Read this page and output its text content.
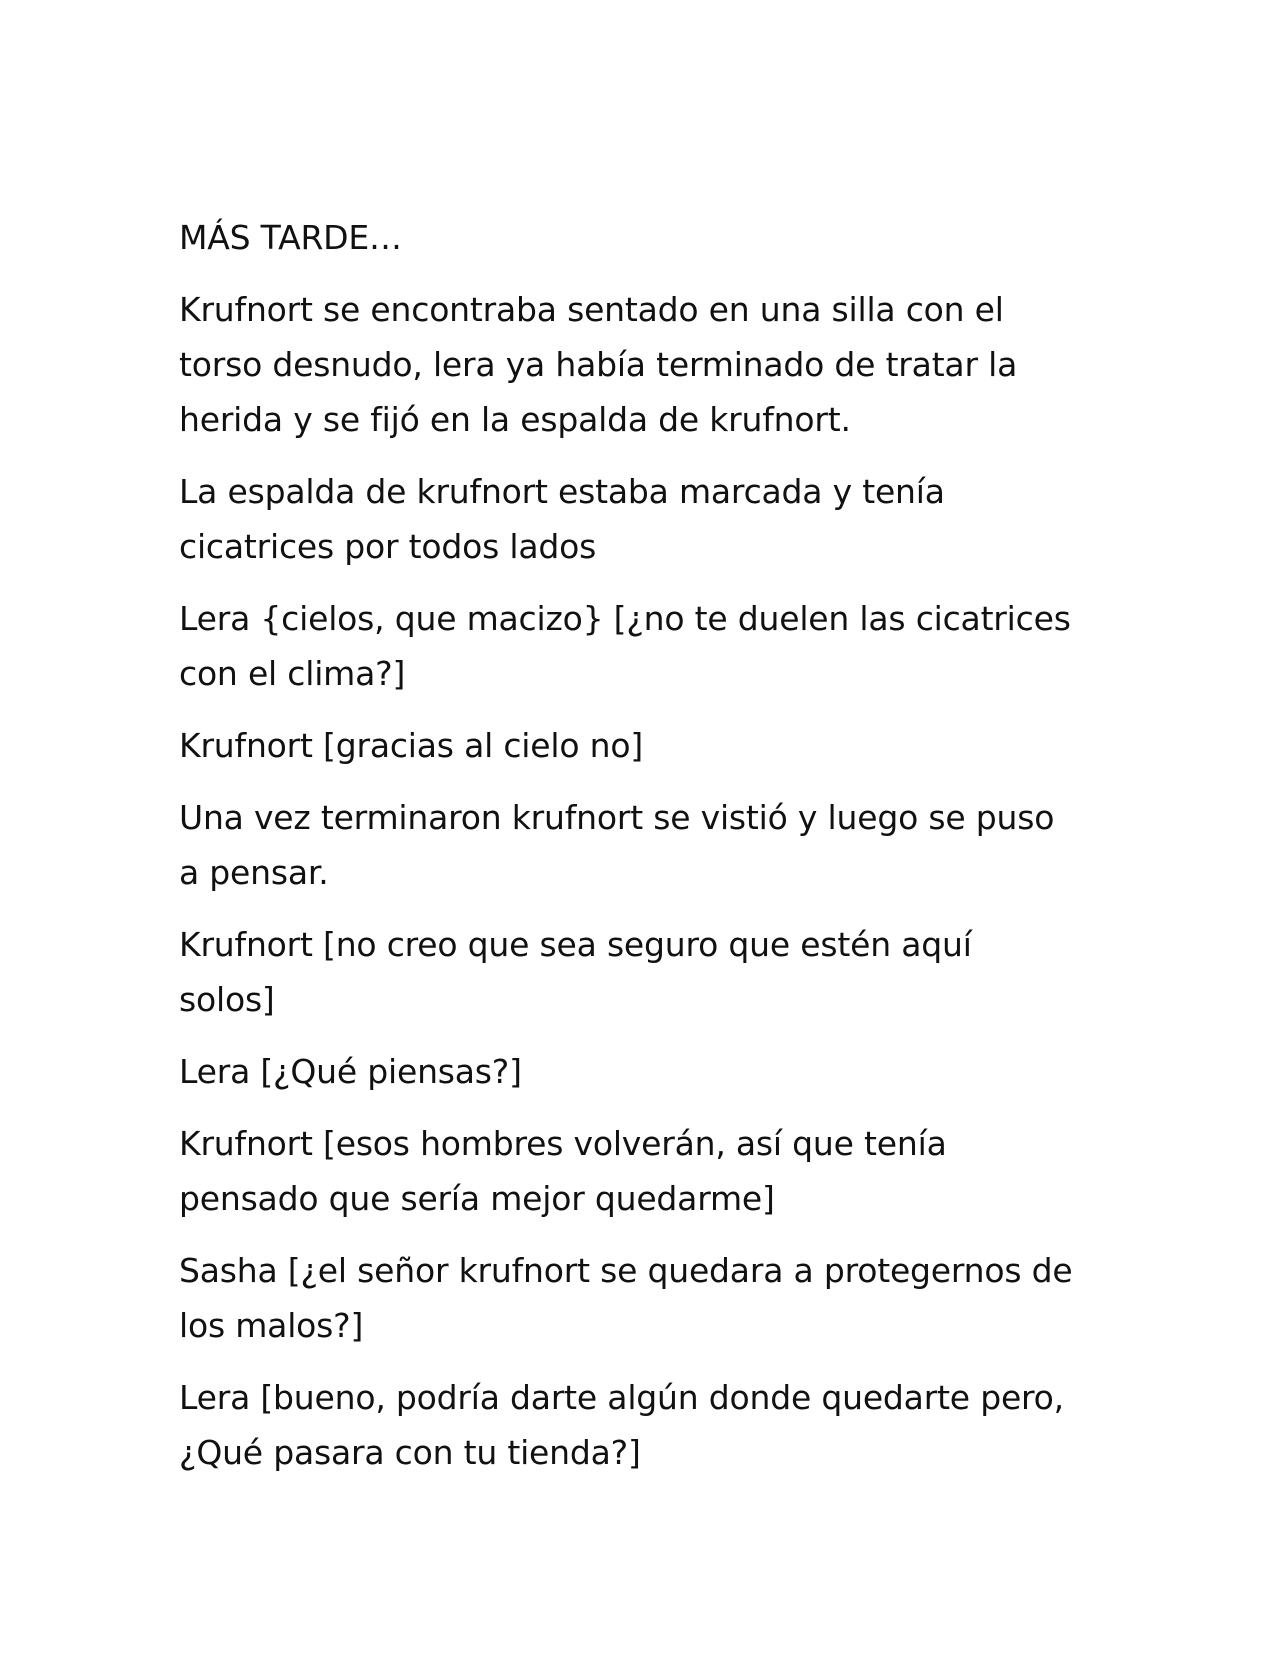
MÁS TARDE…

Krufnort se encontraba sentado en una silla con el
torso desnudo, lera ya había terminado de tratar la
herida y se fijó en la espalda de krufnort.

La espalda de krufnort estaba marcada y tenía
cicatrices por todos lados

Lera {cielos, que macizo} [¿no te duelen las cicatrices
con el clima?]

Krufnort [gracias al cielo no]

Una vez terminaron krufnort se vistió y luego se puso
a pensar.

Krufnort [no creo que sea seguro que estén aquí
solos]

Lera [¿Qué piensas?]

Krufnort [esos hombres volverán, así que tenía
pensado que sería mejor quedarme]

Sasha [¿el señor krufnort se quedara a protegernos de
los malos?]

Lera [bueno, podría darte algún donde quedarte pero,
¿Qué pasara con tu tienda?]
